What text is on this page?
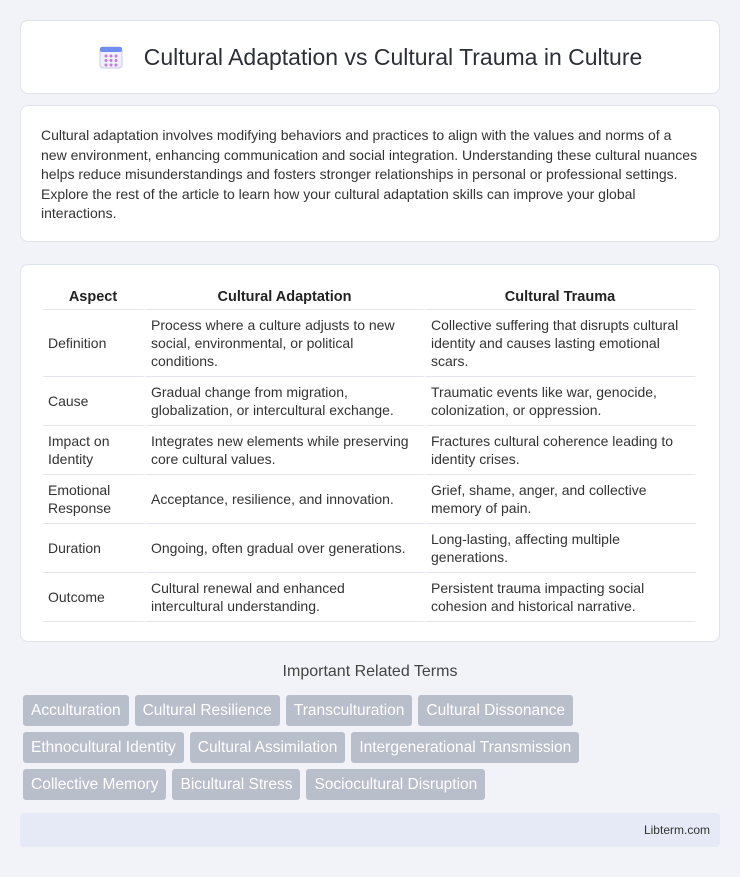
Cultural Adaptation vs Cultural Trauma in Culture

Cultural adaptation involves modifying behaviors and practices to align with the values and norms of a new environment, enhancing communication and social integration. Understanding these cultural nuances helps reduce misunderstandings and fosters stronger relationships in personal or professional settings. Explore the rest of the article to learn how your cultural adaptation skills can improve your global interactions.

Aspect	Cultural Adaptation	Cultural Trauma
Definition	Process where a culture adjusts to new social, environmental, or political conditions.	Collective suffering that disrupts cultural identity and causes lasting emotional scars.
Cause	Gradual change from migration, globalization, or intercultural exchange.	Traumatic events like war, genocide, colonization, or oppression.
Impact on Identity	Integrates new elements while preserving core cultural values.	Fractures cultural coherence leading to identity crises.
Emotional Response	Acceptance, resilience, and innovation.	Grief, shame, anger, and collective memory of pain.
Duration	Ongoing, often gradual over generations.	Long-lasting, affecting multiple generations.
Outcome	Cultural renewal and enhanced intercultural understanding.	Persistent trauma impacting social cohesion and historical narrative.
Important Related Terms
Acculturation	Cultural Resilience	Transculturation	Cultural Dissonance
Ethnocultural Identity	Cultural Assimilation	Intergenerational Transmission
Collective Memory	Bicultural Stress	Sociocultural Disruption
Libterm.com
